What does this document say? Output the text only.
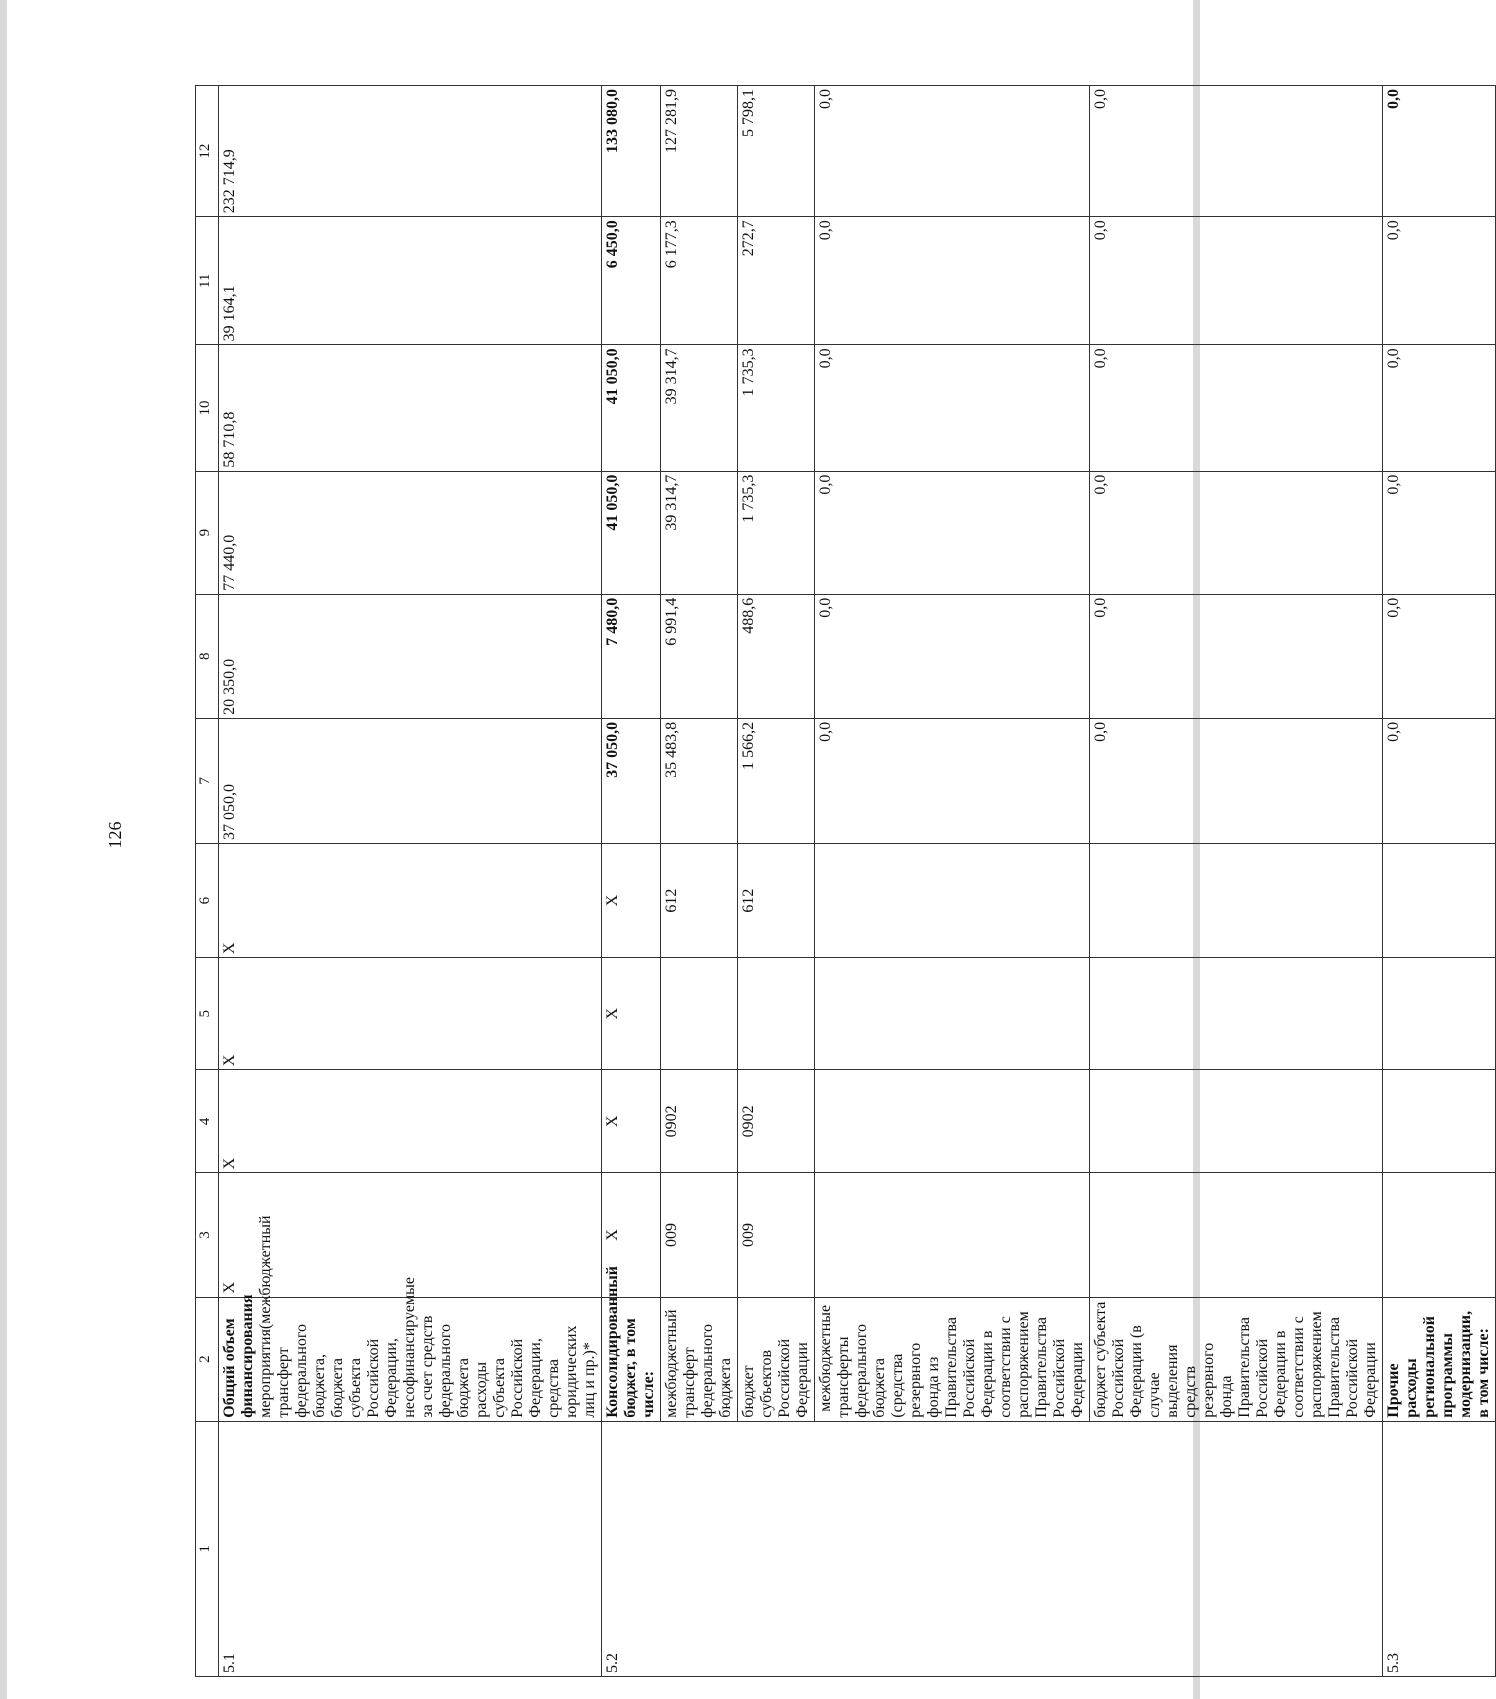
126
1	2	3	4	5	6	7	8	9	10	11	12
5.1	Общий объем финансирования мероприятия(межбюджетный трансферт федерального бюджета, бюджета субъекта Российской Федерации, несофинансируемые за счет средств федерального бюджета расходы субъекта Российской Федерации, средства юридических лиц и пр.)*	X	X	X	X	37 050,0	20 350,0	77 440,0	58 710,8	39 164,1	232 714,9
5.2	Консолидированный бюджет, в том числе:	X	X	X	X	37 050,0	7 480,0	41 050,0	41 050,0	6 450,0	133 080,0
	межбюджетный трансферт федерального бюджета	009	0902		612	35 483,8	6 991,4	39 314,7	39 314,7	6 177,3	127 281,9
	бюджет субъектов Российской Федерации	009	0902		612	1 566,2	488,6	1 735,3	1 735,3	272,7	5 798,1
	межбюджетные трансферты федерального бюджета (средства резервного фонда из Правительства Российской Федерации в соответствии с распоряжением Правительства Российской Федерации					0,0	0,0	0,0	0,0	0,0	0,0
	бюджет субъекта Российской Федерации (в случае выделения средств резервного фонда Правительства Российской Федерации в соответствии с распоряжением Правительства Российской Федерации					0,0	0,0	0,0	0,0	0,0	0,0
5.3	Прочие расходы региональной программы модернизации, в том числе:					0,0	0,0	0,0	0,0	0,0	0,0
